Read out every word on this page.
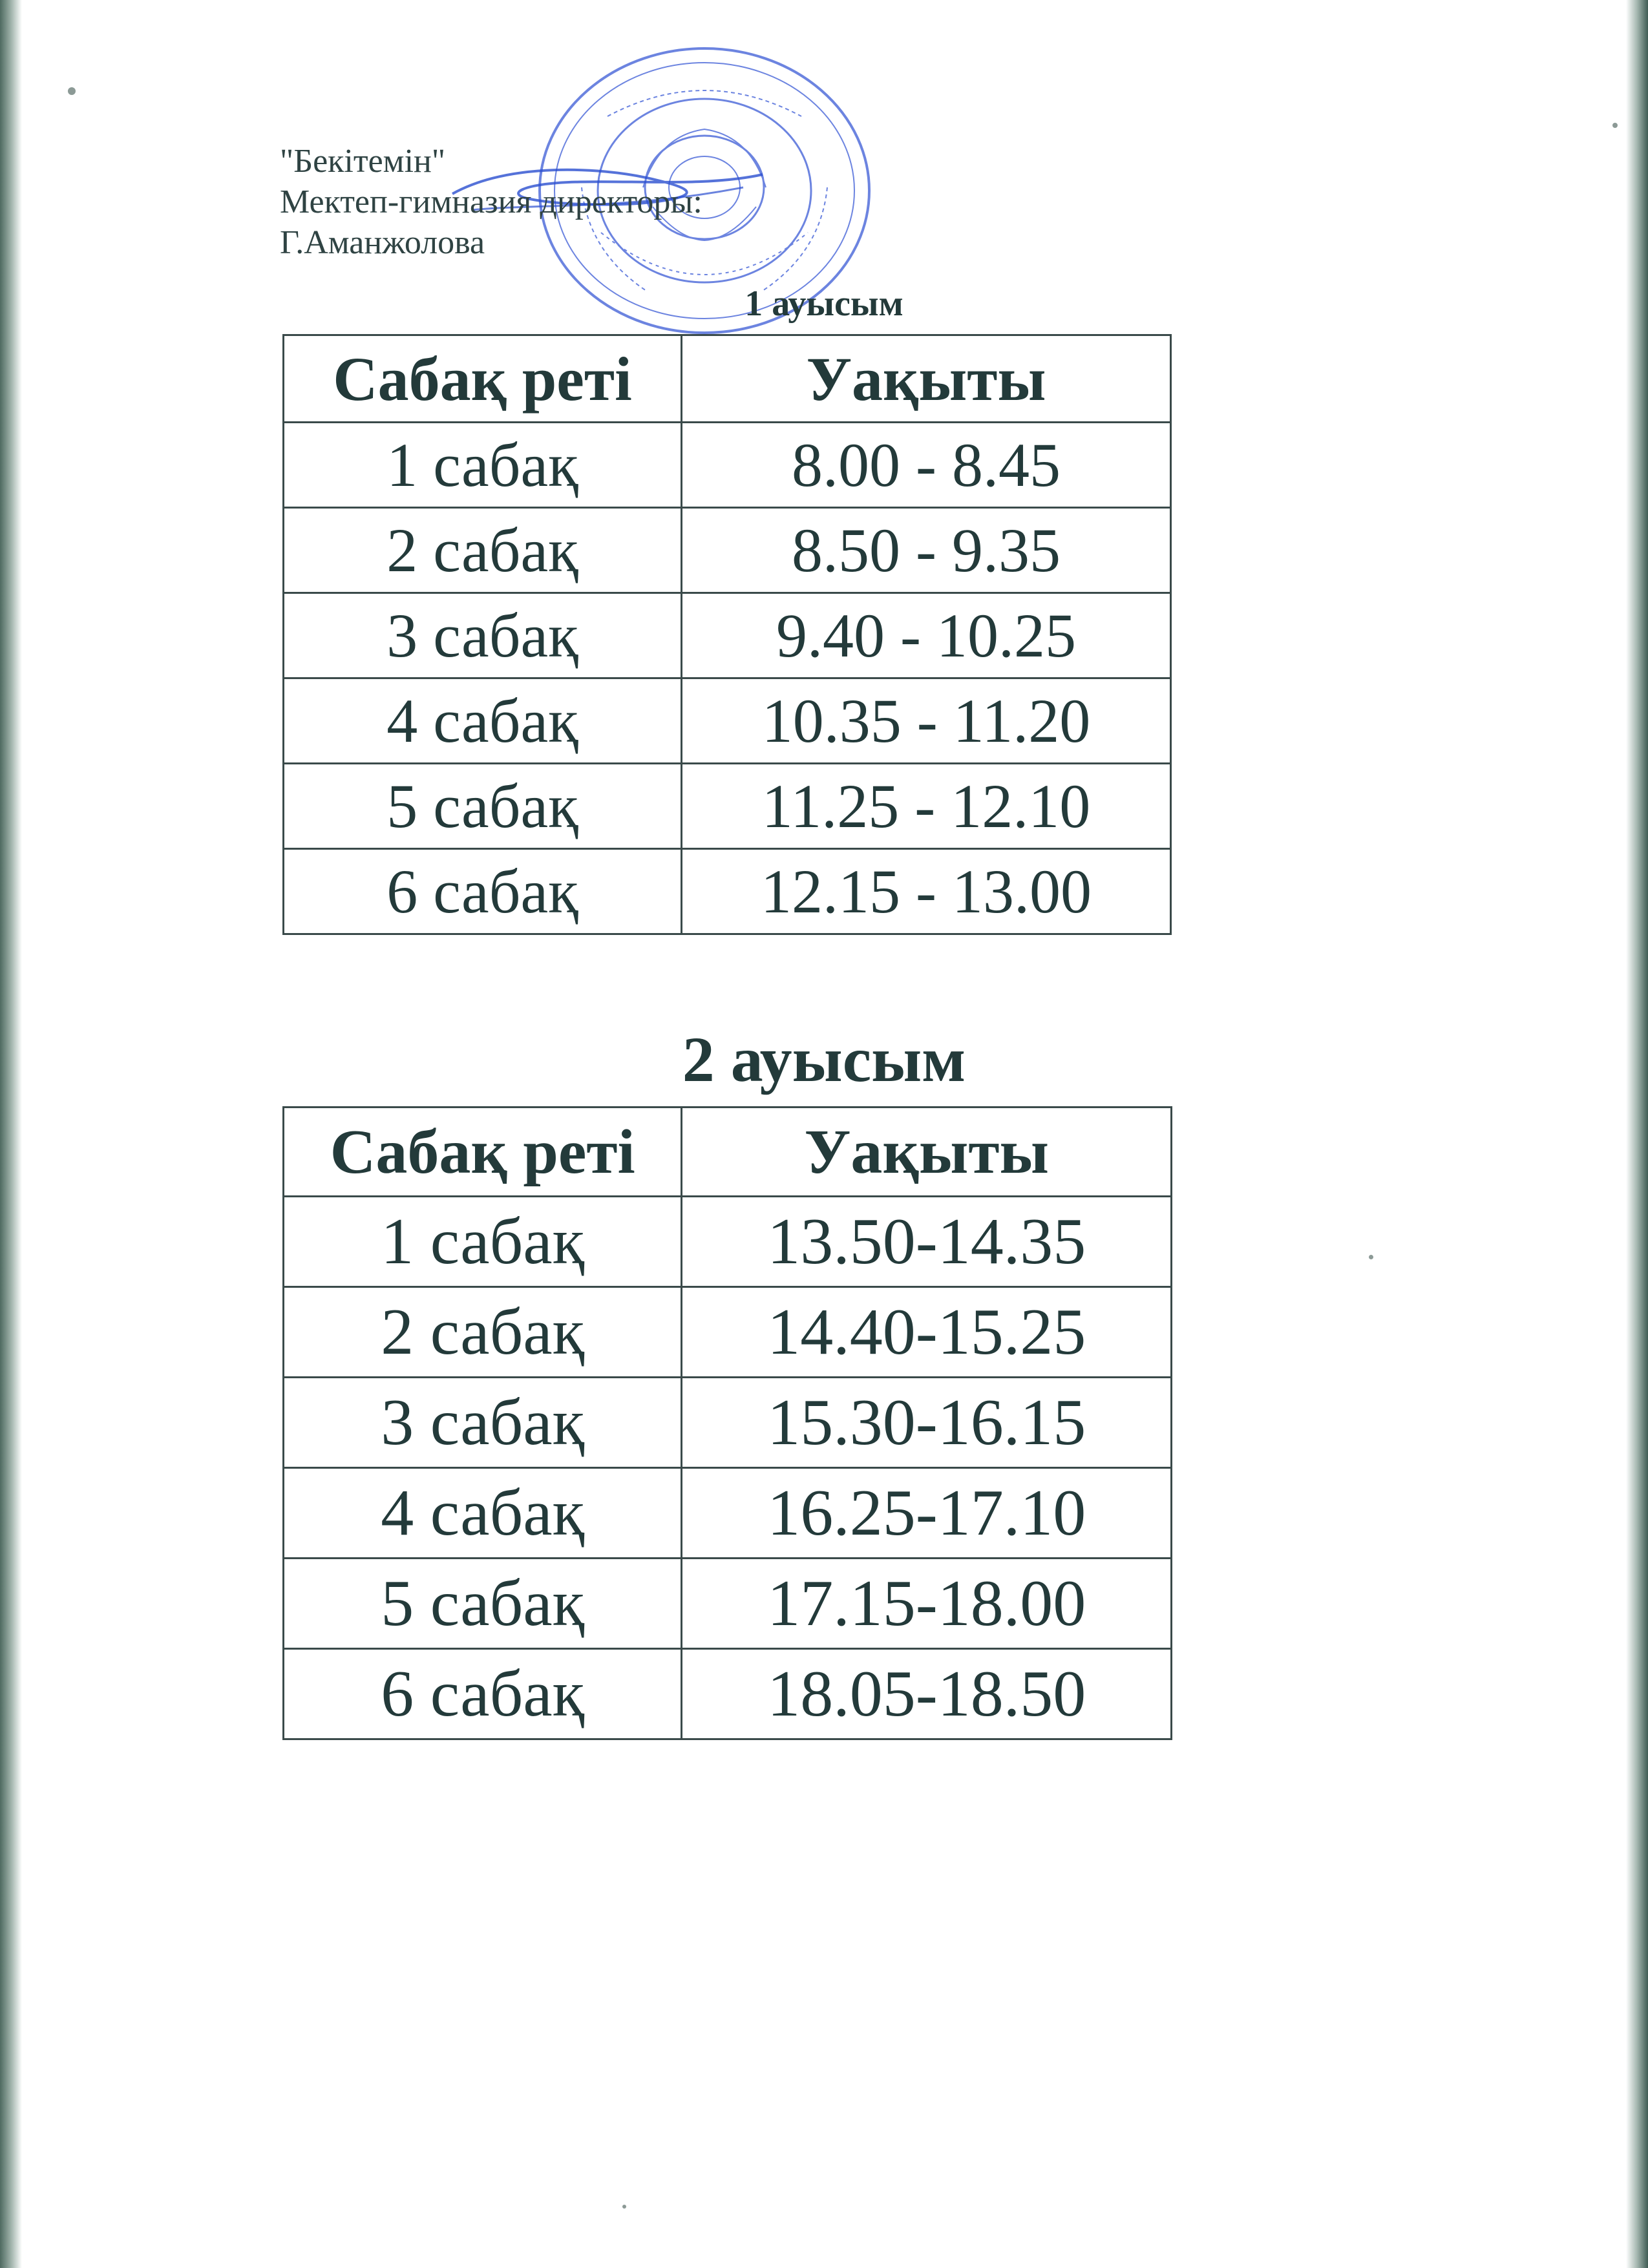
"Бекітемін"
Мектеп-гимназия директоры:
Г.Аманжолова
1 ауысым
Сабақ реті	Уақыты
1 сабақ	8.00 - 8.45
2 сабақ	8.50 - 9.35
3 сабақ	9.40 - 10.25
4 сабақ	10.35 - 11.20
5 сабақ	11.25 - 12.10
6 сабақ	12.15 - 13.00
2 ауысым
Сабақ реті	Уақыты
1 сабақ	13.50-14.35
2 сабақ	14.40-15.25
3 сабақ	15.30-16.15
4 сабақ	16.25-17.10
5 сабақ	17.15-18.00
6 сабақ	18.05-18.50
